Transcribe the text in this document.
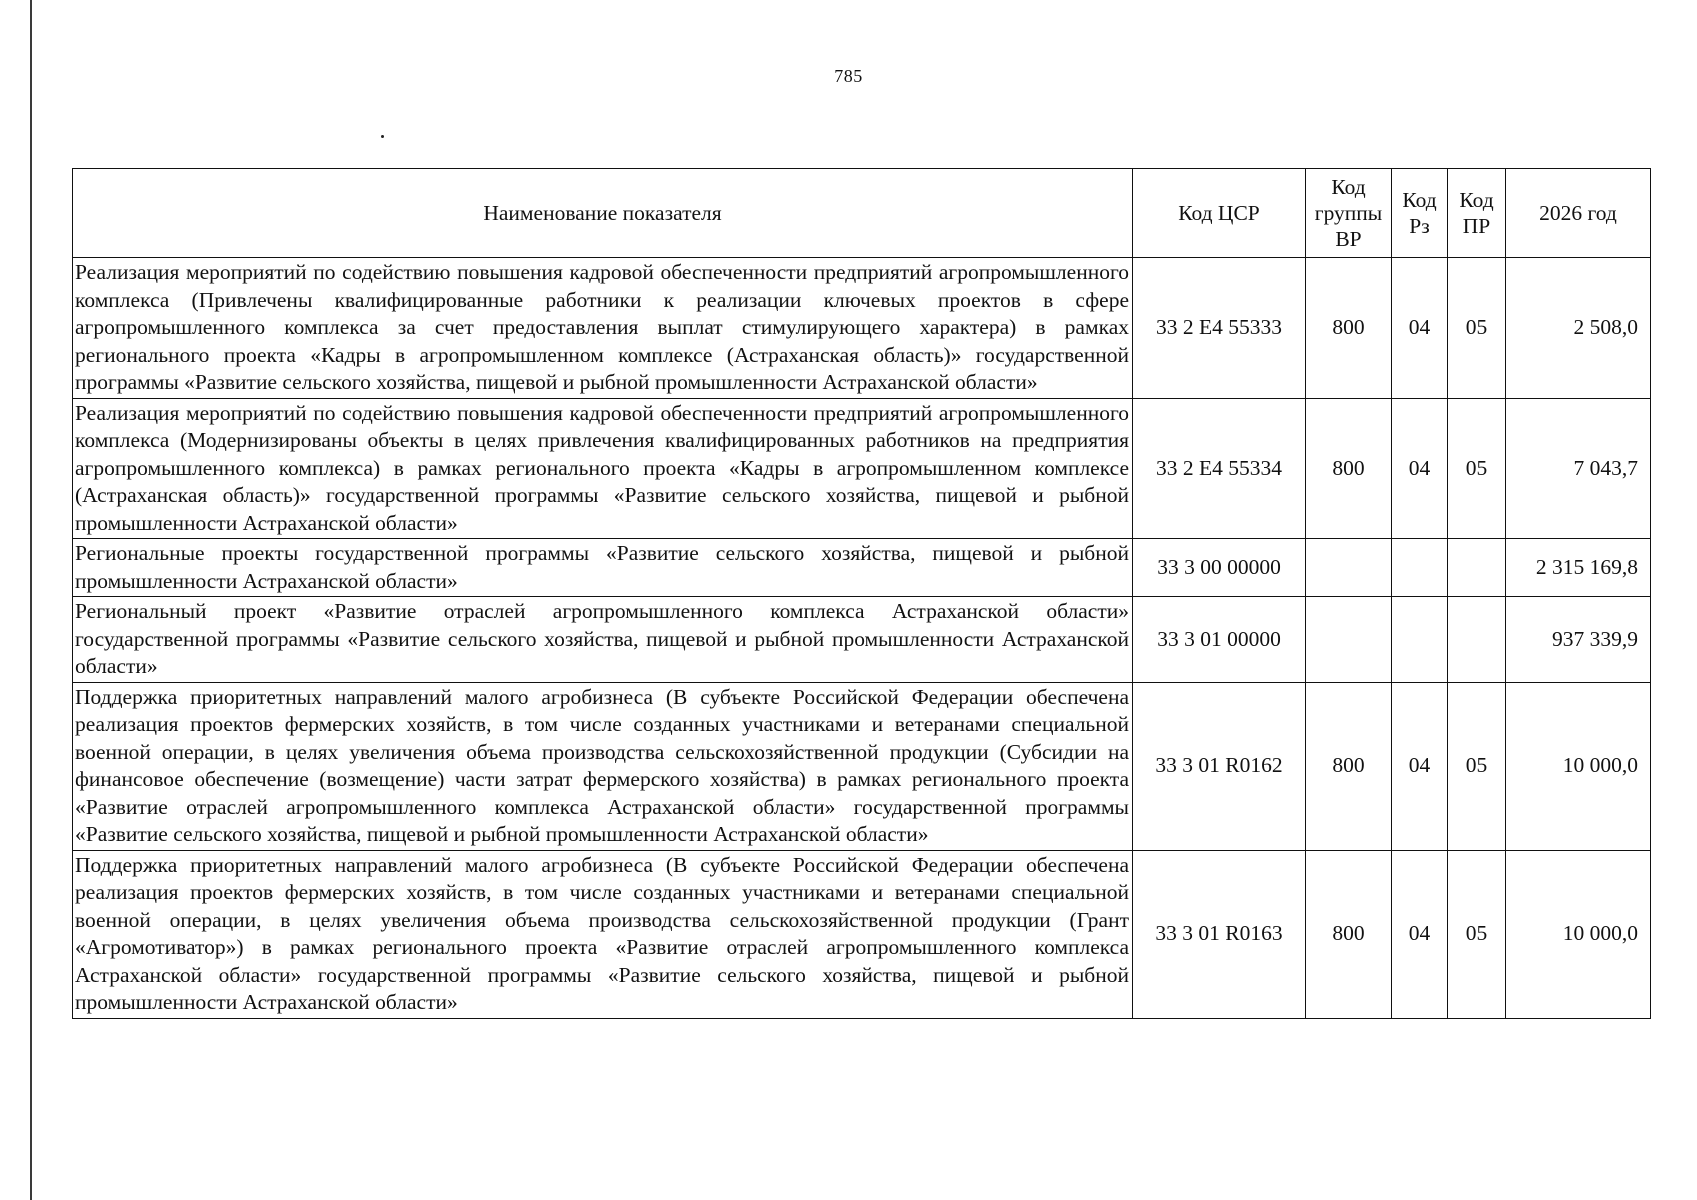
785
Наименование показателя	Код ЦСР	Код группы ВР	Код Рз	Код ПР	2026 год
Реализация мероприятий по содействию повышения кадровой обеспеченности предприятий агропромышленного комплекса (Привлечены квалифицированные работники к реализации ключевых проектов в сфере агропромышленного комплекса за счет предоставления выплат стимулирующего характера) в рамках регионального проекта «Кадры в агропромышленном комплексе (Астраханская область)» государственной программы «Развитие сельского хозяйства, пищевой и рыбной промышленности Астраханской области»	33 2 Е4 55333	800	04	05	2 508,0
Реализация мероприятий по содействию повышения кадровой обеспеченности предприятий агропромышленного комплекса (Модернизированы объекты в целях привлечения квалифицированных работников на предприятия агропромышленного комплекса) в рамках регионального проекта «Кадры в агропромышленном комплексе (Астраханская область)» государственной программы «Развитие сельского хозяйства, пищевой и рыбной промышленности Астраханской области»	33 2 Е4 55334	800	04	05	7 043,7
Региональные проекты государственной программы «Развитие сельского хозяйства, пищевой и рыбной промышленности Астраханской области»	33 3 00 00000				2 315 169,8
Региональный проект «Развитие отраслей агропромышленного комплекса Астраханской области» государственной программы «Развитие сельского хозяйства, пищевой и рыбной промышленности Астраханской области»	33 3 01 00000				937 339,9
Поддержка приоритетных направлений малого агробизнеса (В субъекте Российской Федерации обеспечена реализация проектов фермерских хозяйств, в том числе созданных участниками и ветеранами специальной военной операции, в целях увеличения объема производства сельскохозяйственной продукции (Субсидии на финансовое обеспечение (возмещение) части затрат фермерского хозяйства) в рамках регионального проекта «Развитие отраслей агропромышленного комплекса Астраханской области» государственной программы «Развитие сельского хозяйства, пищевой и рыбной промышленности Астраханской области»	33 3 01 R0162	800	04	05	10 000,0
Поддержка приоритетных направлений малого агробизнеса (В субъекте Российской Федерации обеспечена реализация проектов фермерских хозяйств, в том числе созданных участниками и ветеранами специальной военной операции, в целях увеличения объема производства сельскохозяйственной продукции (Грант «Агромотиватор») в рамках регионального проекта «Развитие отраслей агропромышленного комплекса Астраханской области» государственной программы «Развитие сельского хозяйства, пищевой и рыбной промышленности Астраханской области»	33 3 01 R0163	800	04	05	10 000,0
